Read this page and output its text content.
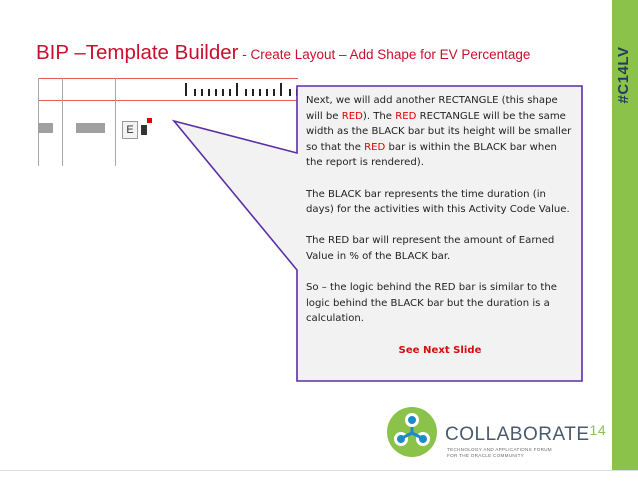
BIP –Template Builder - Create Layout – Add Shape for EV Percentage	#C14LV
E

Next, we will add another RECTANGLE (this shape will be RED). The RED RECTANGLE will be the same width as the BLACK bar but its height will be smaller so that the RED bar is within the BLACK bar when the report is rendered).

The BLACK bar represents the time duration (in days) for the activities with this Activity Code Value.

The RED bar will represent the amount of Earned Value in % of the BLACK bar.

So – the logic behind the RED bar is similar to the logic behind the BLACK bar but the duration is a calculation.

See Next Slide

COLLABORATE$^{14}$
TECHNOLOGY AND APPLICATIONS FORUM
FOR THE ORACLE COMMUNITY
